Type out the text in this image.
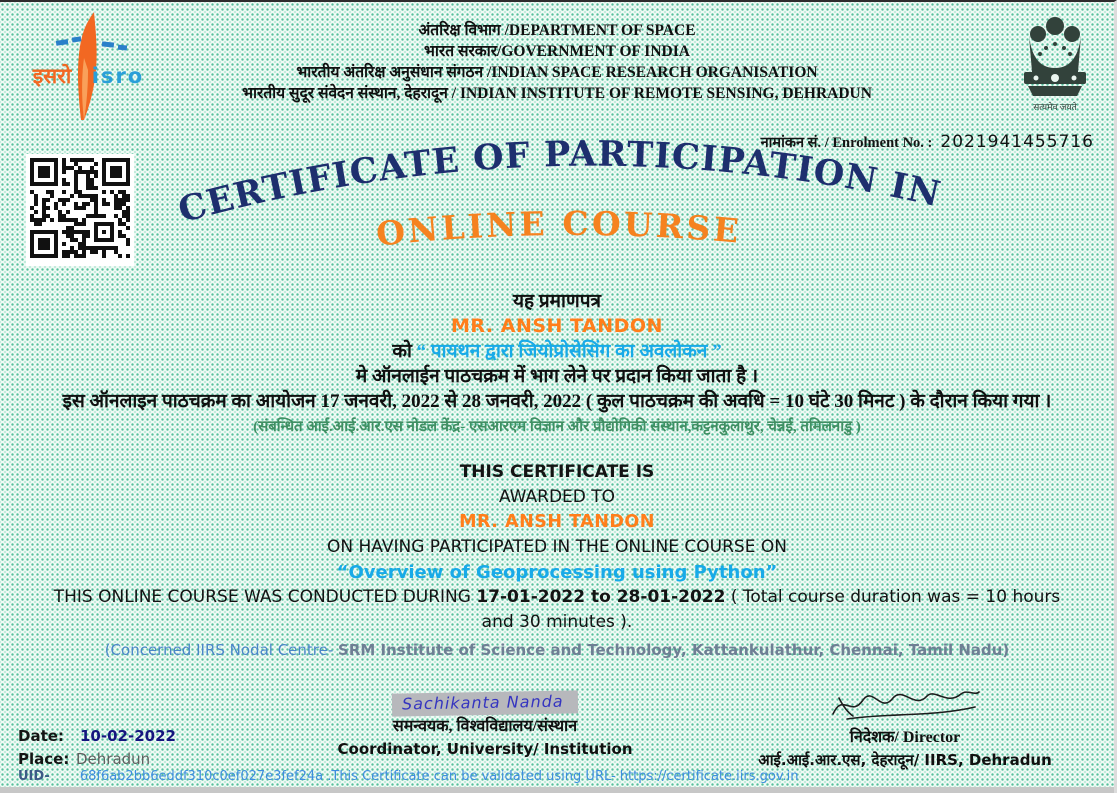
इसरो isro
सत्यमेव जयते
अंतरिक्ष विभाग /DEPARTMENT OF SPACE
भारत सरकार/GOVERNMENT OF INDIA
भारतीय अंतरिक्ष अनुसंधान संगठन /INDIAN SPACE RESEARCH ORGANISATION
भारतीय सुदूर संवेदन संस्थान, देहरादून / INDIAN INSTITUTE OF REMOTE SENSING, DEHRADUN
नामांकन सं. / Enrolment No. : 2021941455716
CERTIFICATE OF PARTICIPATION IN
ONLINE COURSE
यह प्रमाणपत्र
MR. ANSH TANDON
को “ पायथन द्वारा जियोप्रोसेसिंग का अवलोकन ”
मे ऑनलाईन पाठचक्रम में भाग लेने पर प्रदान किया जाता है ।
इस ऑनलाइन पाठचक्रम का आयोजन 17 जनवरी, 2022 से 28 जनवरी, 2022 ( कुल पाठचक्रम की अवधि = 10 घंटे 30 मिनट ) के दौरान किया गया ।
(संबन्धित आई.आई.आर.एस नोडल केंद्र- एसआरएम विज्ञान और प्रौद्योगिकी संस्थान,कट्टनकुलाथुर, चेन्नई, तमिलनाडु )
THIS CERTIFICATE IS
AWARDED TO
MR. ANSH TANDON
ON HAVING PARTICIPATED IN THE ONLINE COURSE ON
“Overview of Geoprocessing using Python”
THIS ONLINE COURSE WAS CONDUCTED DURING 17-01-2022 to 28-01-2022 ( Total course duration was = 10 hours and 30 minutes ).
(Concerned IIRS Nodal Centre- SRM Institute of Science and Technology, Kattankulathur, Chennai, Tamil Nadu)
Sachikanta Nanda
समन्वयक, विश्वविद्यालय/संस्थान
Coordinator, University/ Institution
निदेशक/ Director
आई.आई.आर.एस, देहरादून/ IIRS, Dehradun
Date: 10-02-2022
Place: Dehradun
UID- 68f6ab2bb6eddf310c0ef027e3fef24a .This Certificate can be validated using URL- https://certificate.iirs.gov.in
